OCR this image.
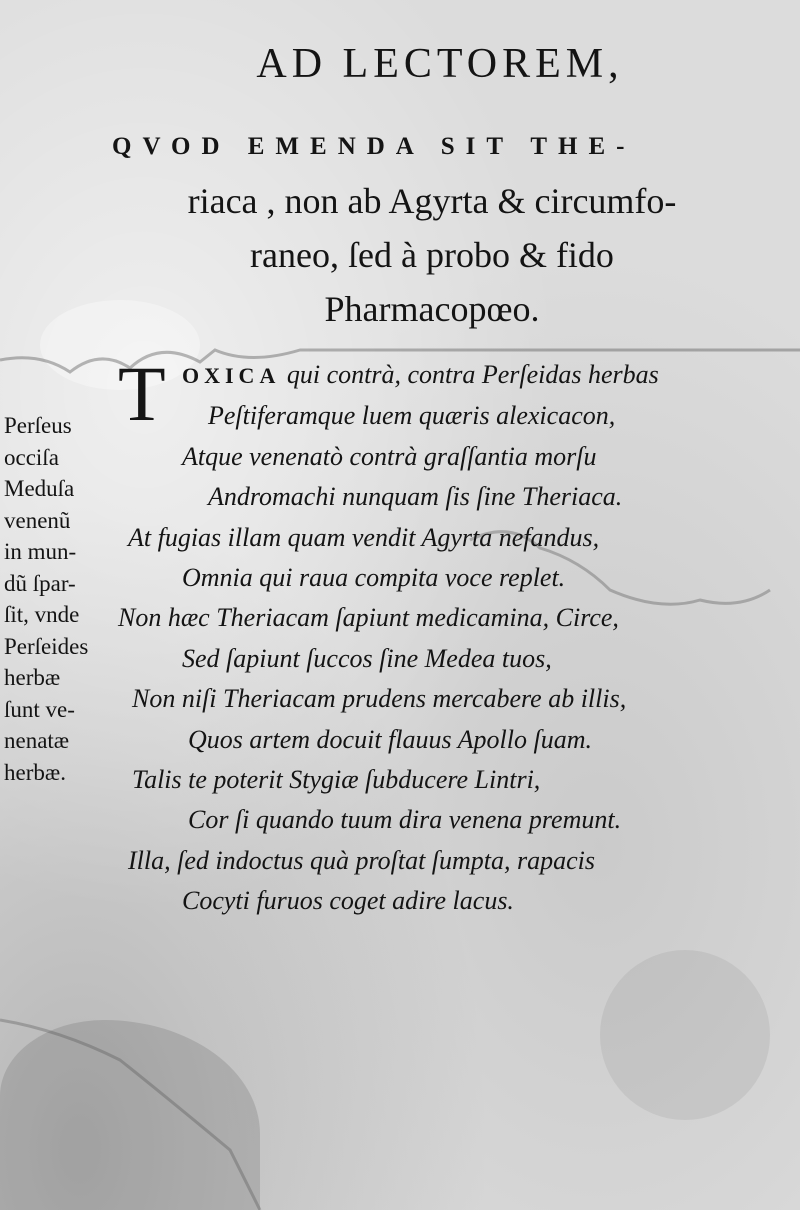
AD LECTOREM,
QVOD EMENDA SIT THE-
riaca , non ab Agyrta & circumfo-
raneo, ſed à probo & fido
Pharmacopœo.
T OXICA qui contrà, contra Perſeidas herbas
Peſtiferamque luem quæris alexicacon,
Atque venenatò contrà graſſantia morſu
Andromachi nunquam ſis ſine Theriaca.
At fugias illam quam vendit Agyrta nefandus,
Omnia qui raua compita voce replet.
Non hæc Theriacam ſapiunt medicamina, Circe,
Sed ſapiunt ſuccos ſine Medea tuos,
Non niſi Theriacam prudens mercabere ab illis,
Quos artem docuit flauus Apollo ſuam.
Talis te poterit Stygiæ ſubducere Lintri,
Cor ſi quando tuum dira venena premunt.
Illa, ſed indoctus quà proſtat ſumpta, rapacis
Cocyti furuos coget adire lacus.
Perſeus
occiſa
Meduſa
venenũ
in mun-
dũ ſpar-
ſit, vnde
Perſeides
herbæ
ſunt ve-
nenatæ
herbæ.
